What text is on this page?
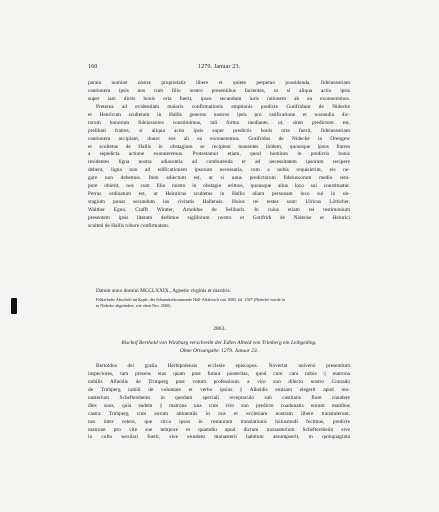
160	1279. Januar 23.
parata nomine nostre proprietatis libere et quiete perpetuo possidenda, fideiussoriam
cautionem ipsis nos cum filio nostro presentibus facientes, ut si aliqua actio ipsis
super iam dictis bonis orta fuerit, ipsos secundum iuris rationem ab ea exonneremus.
Preterea ad evidentiam maioris confirmationis emptionis predicte Gotifridum de Nidecke
et Henricum scultetum in Hallis generos nostros ipsis pro ratificatione et warandia dic-
torum bonorum fideiussores constituimus, tali forma mediante, ut, sinut predictum est,
prelibati fratres, si aliqua actio ipsis super predictis bonis orta fuerit, fideiussoriam
cautionem accipiant, donec eos ab ea exonneremus. Gotifridus de Nidecke in Orengew
et scultetus de Hallis in obstagium se recipient manentes ibidem, quousque ipsos fratres
a sepedicta actione exonneremus. Protestamur etiam, quod homines in predictis bonis
residentes ligna nostra adiacentia ad comburenda et ad necessitatem ipsorum recipere
debent, ligna non ad edificationem ipsorum necessaria, cum a nobis requisierint, eis ne-
gare non debemus. Item adiectum est, ut si unus predictorum fideiussorum medio tem-
pore obierit, nos cum filio nostro in obstagio erimus, quousque alius loco sui constituatur.
Petrus ordinatum est, ut Heinricus scultetus in Hallis aliam personam loco sui in ob-
stagium ponat secundum ius civitatis Hallensis. Huius rei testes sunt: Ulricus Lötticher,
Walther Egno, Crafft Wintter, Arnoldus de Selibach. In cuius etiam rei testimonium
presentem ipsis literam dedimus sigillorum nostro et Gotifridi de Nidecke et Heinrici
sculteti de Hallis robore confirmatam.
Datum anno domini MCCLXXIX., Agnetis virginis et martiris.
Fehlerhafte Abschrift im Kopb. der Johanniterkommende Hall-Affaltrach von 1680, fol. 156* (Nidecke wurde in
in Nidecke abgeändert, wie oben Nro. 2680).
2863.
Bischof Berthold von Wirzburg verschreibt der Edlen Alheid von Trimberg ein Leibgeding.
Ohne Ortsangabe. 1279. Januar 23.
Bertoldus dei gratia Herbipolensis ecclesie episcopus. Noverint universi presentium
inspectores, tam presens etas quam post futura posteritas, quod cum cara nobis || matrona
nobilis Alheidis de Trimperg post votum professionis a viro suo dilecto nostro Conrado
de Trimperg nobili de voluntate et verbo ipsius || Alheidis emisam elegerit apud mo-
nasterium Scheftersheim in quodam speciali receptaculo sub castitatis flore claudere
dies suos, quia eadem || matrona una cum viro suo predicto coadunatis eorum manibus
castra Trimperg cum eorum attinentiis in nos et ecclesiam nostram libere transtulerunt,
nos inter cetera, que circa ipsos in restaurum translationis huiusmodi fecimus, predicte
matrone pro vite sue tempore et quamdiu apud dictum monasterium Scheftersheim sive
in cultu seculari fuerit, sive eiusdem monasterii habitum assumpserit, in quinquaginta
